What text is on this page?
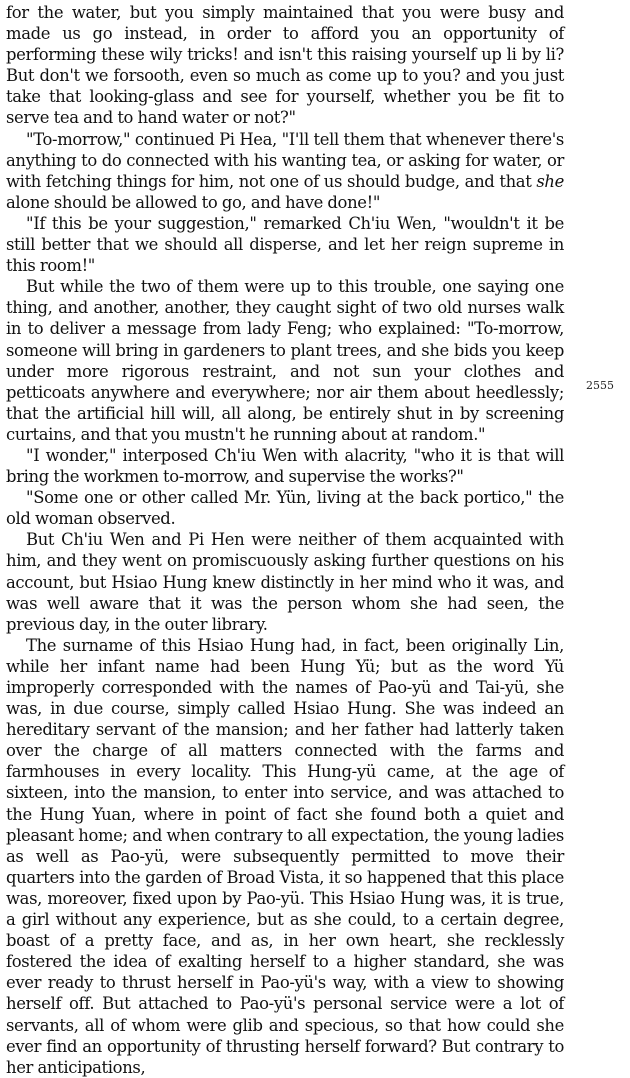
for the water, but you simply maintained that you were busy and made us go instead, in order to afford you an opportunity of performing these wily tricks! and isn't this raising yourself up li by li? But don't we forsooth, even so much as come up to you? and you just take that looking-glass and see for yourself, whether you be fit to serve tea and to hand water or not?"

"To-morrow," continued Pi Hea, "I'll tell them that whenever there's anything to do connected with his wanting tea, or asking for water, or with fetching things for him, not one of us should budge, and that she alone should be allowed to go, and have done!"

"If this be your suggestion," remarked Ch'iu Wen, "wouldn't it be still better that we should all disperse, and let her reign supreme in this room!"

But while the two of them were up to this trouble, one saying one thing, and another, another, they caught sight of two old nurses walk in to deliver a message from lady Feng; who explained: "To-morrow, someone will bring in gardeners to plant trees, and she bids you keep under more rigorous restraint, and not sun your clothes and petticoats anywhere and everywhere; nor air them about heedlessly; that the artificial hill will, all along, be entirely shut in by screening curtains, and that you mustn't he running about at random."

"I wonder," interposed Ch'iu Wen with alacrity, "who it is that will bring the workmen to-morrow, and supervise the works?"

"Some one or other called Mr. Yün, living at the back portico," the old woman observed.

But Ch'iu Wen and Pi Hen were neither of them acquainted with him, and they went on promiscuously asking further questions on his account, but Hsiao Hung knew distinctly in her mind who it was, and was well aware that it was the person whom she had seen, the previous day, in the outer library.

The surname of this Hsiao Hung had, in fact, been originally Lin, while her infant name had been Hung Yü; but as the word Yü improperly corresponded with the names of Pao-yü and Tai-yü, she was, in due course, simply called Hsiao Hung. She was indeed an hereditary servant of the mansion; and her father had latterly taken over the charge of all matters connected with the farms and farmhouses in every locality. This Hung-yü came, at the age of sixteen, into the mansion, to enter into service, and was attached to the Hung Yuan, where in point of fact she found both a quiet and pleasant home; and when contrary to all expectation, the young ladies as well as Pao-yü, were subsequently permitted to move their quarters into the garden of Broad Vista, it so happened that this place was, moreover, fixed upon by Pao-yü. This Hsiao Hung was, it is true, a girl without any experience, but as she could, to a certain degree, boast of a pretty face, and as, in her own heart, she recklessly fostered the idea of exalting herself to a higher standard, she was ever ready to thrust herself in Pao-yü's way, with a view to showing herself off. But attached to Pao-yü's personal service were a lot of servants, all of whom were glib and specious, so that how could she ever find an opportunity of thrusting herself forward? But contrary to her anticipations,

2555
